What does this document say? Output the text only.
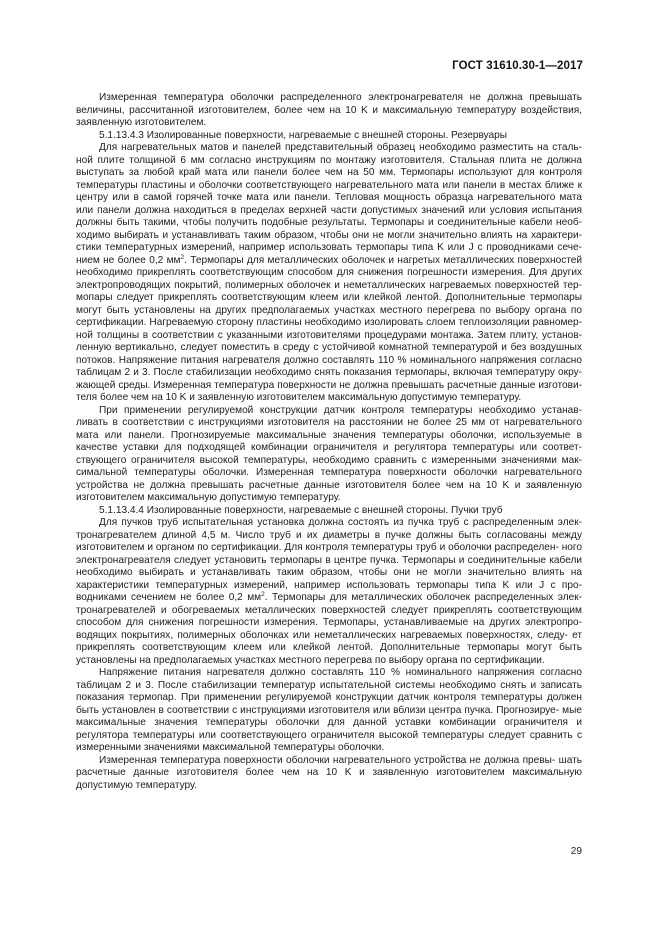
ГОСТ 31610.30-1—2017

Измеренная температура оболочки распределенного электронагревателя не должна превышать величины, рассчитанной изготовителем, более чем на 10 K и максимальную температуру воздействия, заявленную изготовителем.

5.1.13.4.3 Изолированные поверхности, нагреваемые с внешней стороны. Резервуары

Для нагревательных матов и панелей представительный образец необходимо разместить на сталь- ной плите толщиной 6 мм согласно инструкциям по монтажу изготовителя. Стальная плита не должна выступать за любой край мата или панели более чем на 50 мм. Термопары используют для контроля температуры пластины и оболочки соответствующего нагревательного мата или панели в местах ближе к центру или в самой горячей точке мата или панели. Тепловая мощность образца нагревательного мата или панели должна находиться в пределах верхней части допустимых значений или условия испытания должны быть такими, чтобы получить подобные результаты. Термопары и соединительные кабели необ- ходимо выбирать и устанавливать таким образом, чтобы они не могли значительно влиять на характери- стики температурных измерений, например использовать термопары типа K или J с проводниками сече- нием не более 0,2 $мм^2$. Термопары для металлических оболочек и нагретых металлических поверхностей необходимо прикреплять соответствующим способом для снижения погрешности измерения. Для других электропроводящих покрытий, полимерных оболочек и неметаллических нагреваемых поверхностей тер- мопары следует прикреплять соответствующим клеем или клейкой лентой. Дополнительные термопары могут быть установлены на других предполагаемых участках местного перегрева по выбору органа по сертификации. Нагреваемую сторону пластины необходимо изолировать слоем теплоизоляции равномер- ной толщины в соответствии с указанными изготовителями процедурами монтажа. Затем плиту, установ- ленную вертикально, следует поместить в среду с устойчивой комнатной температурой и без воздушных потоков. Напряжение питания нагревателя должно составлять 110 % номинального напряжения согласно таблицам 2 и 3. После стабилизации необходимо снять показания термопары, включая температуру окру- жающей среды. Измеренная температура поверхности не должна превышать расчетные данные изготови- теля более чем на 10 K и заявленную изготовителем максимальную допустимую температуру.

При применении регулируемой конструкции датчик контроля температуры необходимо устанав- ливать в соответствии с инструкциями изготовителя на расстоянии не более 25 мм от нагревательного мата или панели. Прогнозируемые максимальные значения температуры оболочки, используемые в качестве уставки для подходящей комбинации ограничителя и регулятора температуры или соответ- ствующего ограничителя высокой температуры, необходимо сравнить с измеренными значениями мак- симальной температуры оболочки. Измеренная температура поверхности оболочки нагревательного устройства не должна превышать расчетные данные изготовителя более чем на 10 K и заявленную изготовителем максимальную допустимую температуру.

5.1.13.4.4 Изолированные поверхности, нагреваемые с внешней стороны. Пучки труб

Для пучков труб испытательная установка должна состоять из пучка труб с распределенным элек- тронагревателем длиной 4,5 м. Число труб и их диаметры в пучке должны быть согласованы между изготовителем и органом по сертификации. Для контроля температуры труб и оболочки распределен- ного электронагревателя следует установить термопары в центре пучка. Термопары и соединительные кабели необходимо выбирать и устанавливать таким образом, чтобы они не могли значительно влиять на характеристики температурных измерений, например использовать термопары типа K или J с про- водниками сечением не более 0,2 $мм^2$. Термопары для металлических оболочек распределенных элек- тронагревателей и обогреваемых металлических поверхностей следует прикреплять соответствующим способом для снижения погрешности измерения. Термопары, устанавливаемые на других электропро- водящих покрытиях, полимерных оболочках или неметаллических нагреваемых поверхностях, следу- ет прикреплять соответствующим клеем или клейкой лентой. Дополнительные термопары могут быть установлены на предполагаемых участках местного перегрева по выбору органа по сертификации.

Напряжение питания нагревателя должно составлять 110 % номинального напряжения согласно таблицам 2 и 3. После стабилизации температур испытательной системы необходимо снять и записать показания термопар. При применении регулируемой конструкции датчик контроля температуры должен быть установлен в соответствии с инструкциями изготовителя или вблизи центра пучка. Прогнозируе- мые максимальные значения температуры оболочки для данной уставки комбинации ограничителя и регулятора температуры или соответствующего ограничителя высокой температуры следует сравнить с измеренными значениями максимальной температуры оболочки.

Измеренная температура поверхности оболочки нагревательного устройства не должна превы- шать расчетные данные изготовителя более чем на 10 K и заявленную изготовителем максимальную допустимую температуру.

29
